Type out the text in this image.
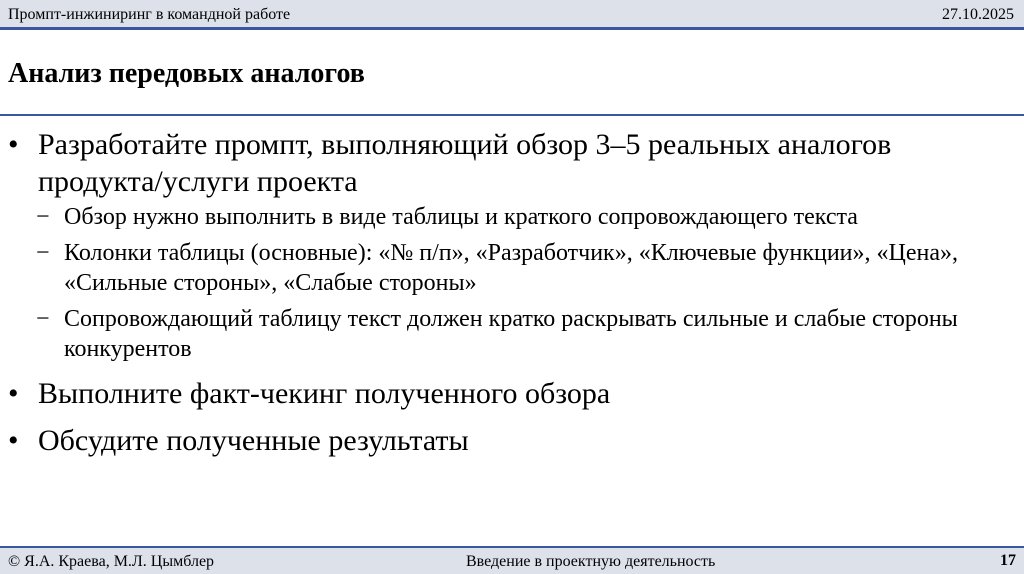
Промпт-инжиниринг в командной работе	27.10.2025
Анализ передовых аналогов
• Разработайте промпт, выполняющий обзор 3–5 реальных аналогов продукта/услуги проекта
− Обзор нужно выполнить в виде таблицы и краткого сопровождающего текста
− Колонки таблицы (основные): «№ п/п», «Разработчик», «Ключевые функции», «Цена», «Сильные стороны», «Слабые стороны»
− Сопровождающий таблицу текст должен кратко раскрывать сильные и слабые стороны конкурентов
• Выполните факт-чекинг полученного обзора
• Обсудите полученные результаты
© Я.А. Краева, М.Л. Цымблер	Введение в проектную деятельность	17
